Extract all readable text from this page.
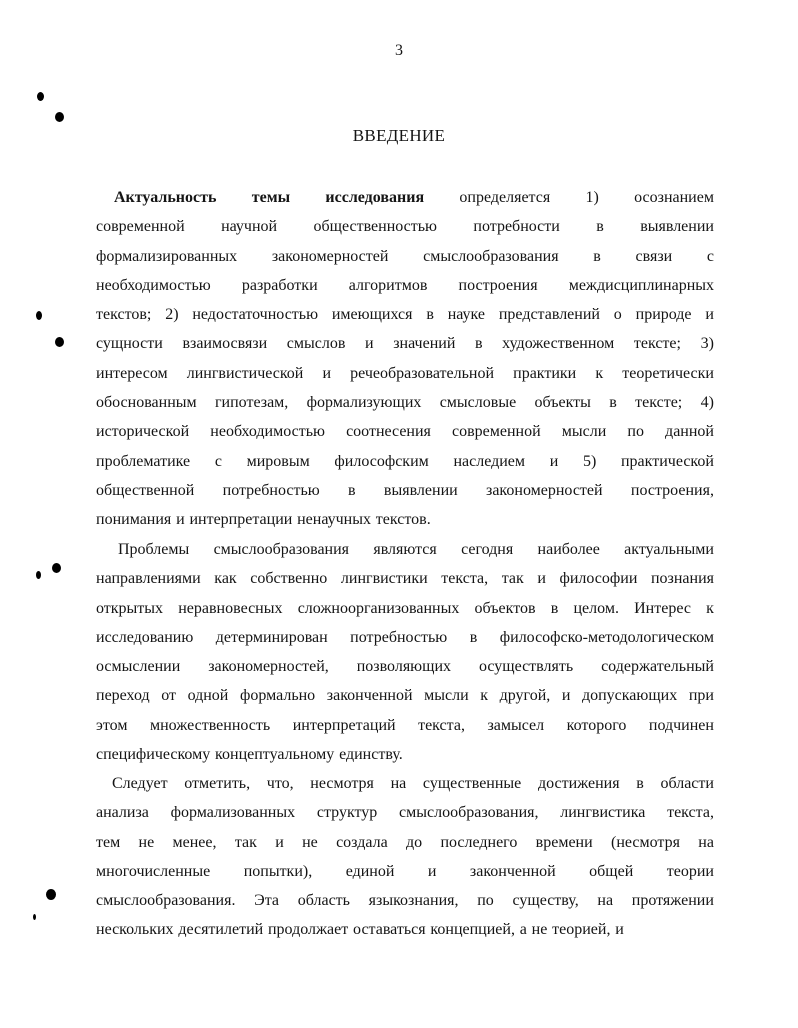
3
ВВЕДЕНИЕ
Актуальность темы исследования определяется 1) осознанием
современной научной общественностью потребности в выявлении
формализированных закономерностей смыслообразования в связи с
необходимостью разработки алгоритмов построения междисциплинарных
текстов; 2) недостаточностью имеющихся в науке представлений о природе и
сущности взаимосвязи смыслов и значений в художественном тексте; 3)
интересом лингвистической и речеобразовательной практики к теоретически
обоснованным гипотезам, формализующих смысловые объекты в тексте; 4)
исторической необходимостью соотнесения современной мысли по данной
проблематике с мировым философским наследием и 5) практической
общественной потребностью в выявлении закономерностей построения,
понимания и интерпретации ненаучных текстов.
Проблемы смыслообразования являются сегодня наиболее актуальными
направлениями как собственно лингвистики текста, так и философии познания
открытых неравновесных сложноорганизованных объектов в целом. Интерес к
исследованию детерминирован потребностью в философско-методологическом
осмыслении закономерностей, позволяющих осуществлять содержательный
переход от одной формально законченной мысли к другой, и допускающих при
этом множественность интерпретаций текста, замысел которого подчинен
специфическому концептуальному единству.
Следует отметить, что, несмотря на существенные достижения в области
анализа формализованных структур смыслообразования, лингвистика текста,
тем не менее, так и не создала до последнего времени (несмотря на
многочисленные попытки), единой и законченной общей теории
смыслообразования. Эта область языкознания, по существу, на протяжении
нескольких десятилетий продолжает оставаться концепцией, а не теорией, и
